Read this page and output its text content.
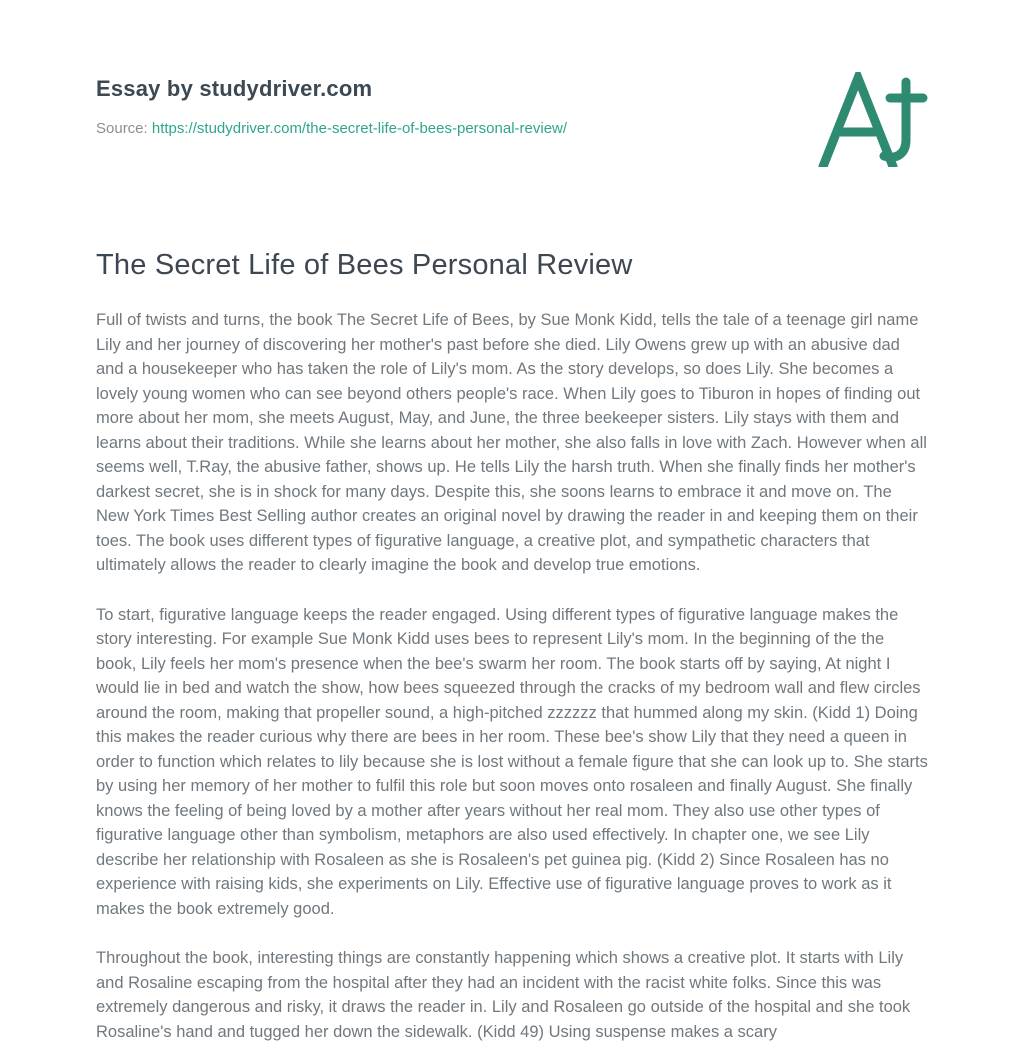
Essay by studydriver.com
Source: https://studydriver.com/the-secret-life-of-bees-personal-review/
The Secret Life of Bees Personal Review

Full of twists and turns, the book The Secret Life of Bees, by Sue Monk Kidd, tells the tale of a teenage girl name Lily and her journey of discovering her mother's past before she died. Lily Owens grew up with an abusive dad and a housekeeper who has taken the role of Lily's mom. As the story develops, so does Lily. She becomes a lovely young women who can see beyond others people's race. When Lily goes to Tiburon in hopes of finding out more about her mom, she meets August, May, and June, the three beekeeper sisters. Lily stays with them and learns about their traditions. While she learns about her mother, she also falls in love with Zach. However when all seems well, T.Ray, the abusive father, shows up. He tells Lily the harsh truth. When she finally finds her mother's darkest secret, she is in shock for many days. Despite this, she soons learns to embrace it and move on. The New York Times Best Selling author creates an original novel by drawing the reader in and keeping them on their toes. The book uses different types of figurative language, a creative plot, and sympathetic characters that ultimately allows the reader to clearly imagine the book and develop true emotions.

To start, figurative language keeps the reader engaged. Using different types of figurative language makes the story interesting. For example Sue Monk Kidd uses bees to represent Lily's mom. In the beginning of the the book, Lily feels her mom's presence when the bee's swarm her room. The book starts off by saying, At night I would lie in bed and watch the show, how bees squeezed through the cracks of my bedroom wall and flew circles around the room, making that propeller sound, a high-pitched zzzzzz that hummed along my skin. (Kidd 1) Doing this makes the reader curious why there are bees in her room. These bee's show Lily that they need a queen in order to function which relates to lily because she is lost without a female figure that she can look up to. She starts by using her memory of her mother to fulfil this role but soon moves onto rosaleen and finally August. She finally knows the feeling of being loved by a mother after years without her real mom. They also use other types of figurative language other than symbolism, metaphors are also used effectively. In chapter one, we see Lily describe her relationship with Rosaleen as she is Rosaleen's pet guinea pig. (Kidd 2) Since Rosaleen has no experience with raising kids, she experiments on Lily. Effective use of figurative language proves to work as it makes the book extremely good.

Throughout the book, interesting things are constantly happening which shows a creative plot. It starts with Lily and Rosaline escaping from the hospital after they had an incident with the racist white folks. Since this was extremely dangerous and risky, it draws the reader in. Lily and Rosaleen go outside of the hospital and she took Rosaline's hand and tugged her down the sidewalk. (Kidd 49) Using suspense makes a scary
